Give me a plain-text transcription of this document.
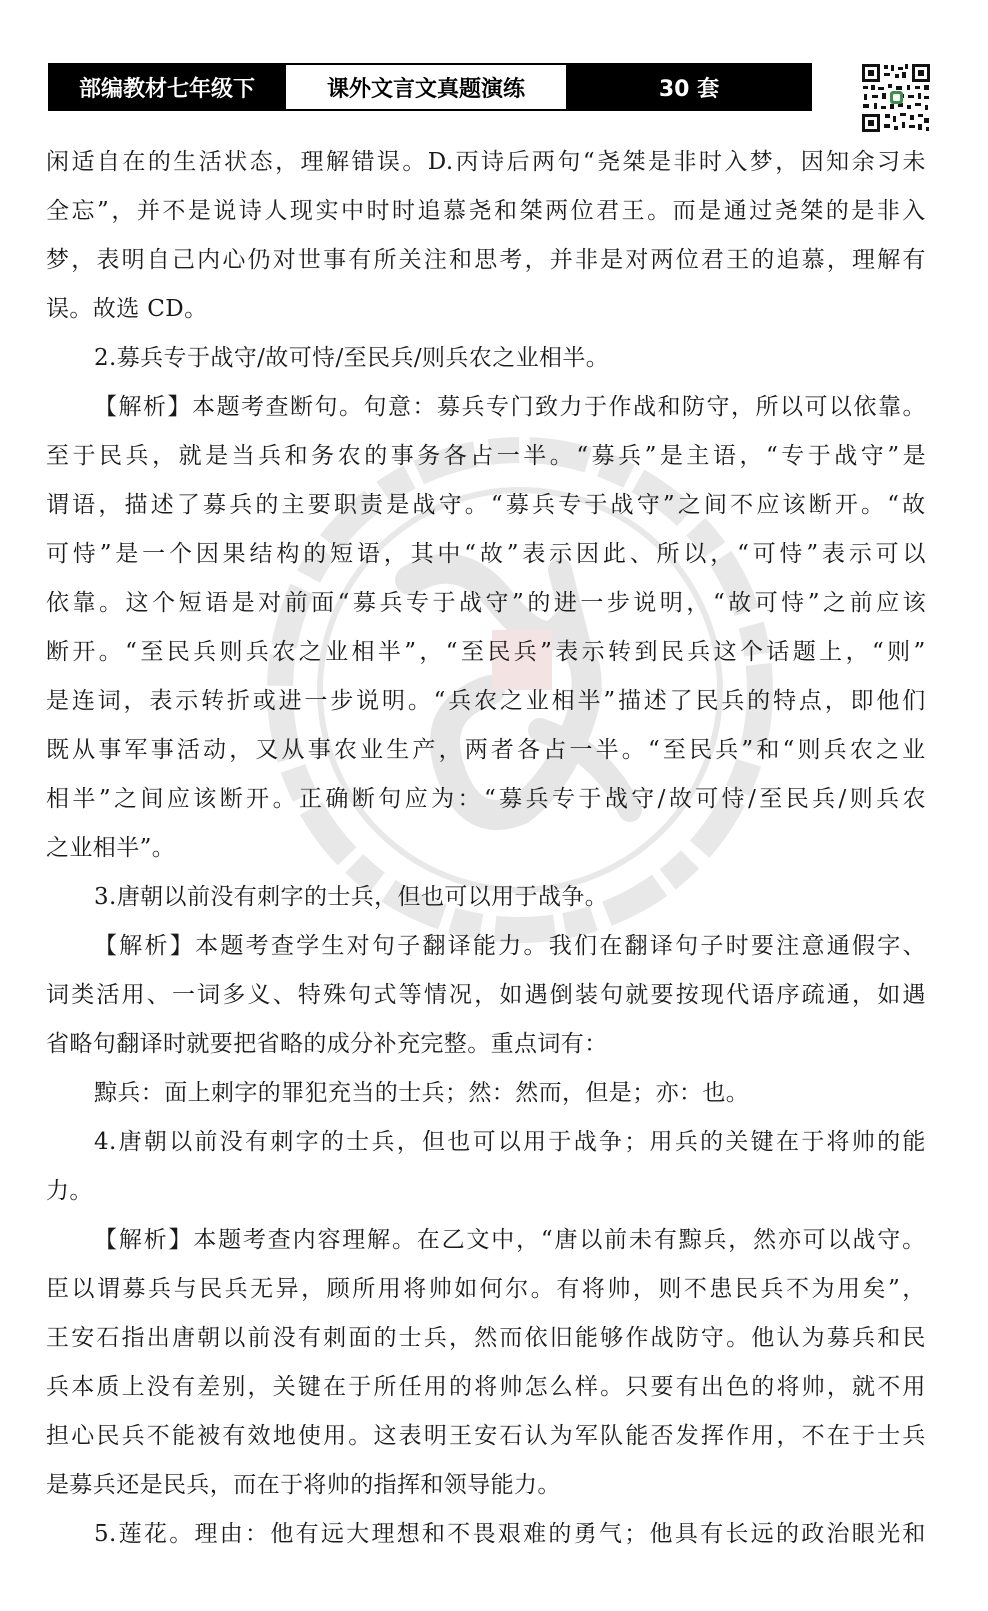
部编教材七年级下	课外文言文真题演练	30 套
闲 适 自 在 的 生 活 状 态 ， 理 解 错 误 。 D. 丙 诗 后 两 句 “ 尧 桀 是 非 时 入 梦 ， 因 知 余 习 未
全 忘 ” ， 并 不 是 说 诗 人 现 实 中 时 时 追 慕 尧 和 桀 两 位 君 王 。 而 是 通 过 尧 桀 的 是 非 入
梦 ， 表 明 自 己 内 心 仍 对 世 事 有 所 关 注 和 思 考 ， 并 非 是 对 两 位 君 王 的 追 慕 ， 理 解 有
误。故选 CD。
2.募兵专于战守/故可恃/至民兵/则兵农之业相半。
【 解 析 】 本 题 考 查 断 句 。 句 意 ： 募 兵 专 门 致 力 于 作 战 和 防 守 ， 所 以 可 以 依 靠 。
至 于 民 兵 ， 就 是 当 兵 和 务 农 的 事 务 各 占 一 半 。 “ 募 兵 ” 是 主 语 ， “ 专 于 战 守 ” 是
谓 语 ， 描 述 了 募 兵 的 主 要 职 责 是 战 守 。 “ 募 兵 专 于 战 守 ” 之 间 不 应 该 断 开 。 “ 故
可 恃 ” 是 一 个 因 果 结 构 的 短 语 ， 其 中 “ 故 ” 表 示 因 此 、 所 以 ， “ 可 恃 ” 表 示 可 以
依 靠 。 这 个 短 语 是 对 前 面 “ 募 兵 专 于 战 守 ” 的 进 一 步 说 明 ， “ 故 可 恃 ” 之 前 应 该
断 开 。 “ 至 民 兵 则 兵 农 之 业 相 半 ” ， “ 至 民 兵 ” 表 示 转 到 民 兵 这 个 话 题 上 ， “ 则 ”
是 连 词 ， 表 示 转 折 或 进 一 步 说 明 。 “ 兵 农 之 业 相 半 ” 描 述 了 民 兵 的 特 点 ， 即 他 们
既 从 事 军 事 活 动 ， 又 从 事 农 业 生 产 ， 两 者 各 占 一 半 。 “ 至 民 兵 ” 和 “ 则 兵 农 之 业
相 半 ” 之 间 应 该 断 开 。 正 确 断 句 应 为 ： “ 募 兵 专 于 战 守 / 故 可 恃 / 至 民 兵 / 则 兵 农
之业相半”。
3.唐朝以前没有刺字的士兵，但也可以用于战争。
【 解 析 】 本 题 考 查 学 生 对 句 子 翻 译 能 力 。 我 们 在 翻 译 句 子 时 要 注 意 通 假 字 、
词 类 活 用 、 一 词 多 义 、 特 殊 句 式 等 情 况 ， 如 遇 倒 装 句 就 要 按 现 代 语 序 疏 通 ， 如 遇
省略句翻译时就要把省略的成分补充完整。重点词有：
黥兵：面上刺字的罪犯充当的士兵；然：然而，但是；亦：也。
4. 唐 朝 以 前 没 有 刺 字 的 士 兵 ， 但 也 可 以 用 于 战 争 ； 用 兵 的 关 键 在 于 将 帅 的 能
力。
【 解 析 】 本 题 考 查 内 容 理 解 。 在 乙 文 中 ， “ 唐 以 前 未 有 黥 兵 ， 然 亦 可 以 战 守 。
臣 以 谓 募 兵 与 民 兵 无 异 ， 顾 所 用 将 帅 如 何 尔 。 有 将 帅 ， 则 不 患 民 兵 不 为 用 矣 ” ，
王 安 石 指 出 唐 朝 以 前 没 有 刺 面 的 士 兵 ， 然 而 依 旧 能 够 作 战 防 守 。 他 认 为 募 兵 和 民
兵 本 质 上 没 有 差 别 ， 关 键 在 于 所 任 用 的 将 帅 怎 么 样 。 只 要 有 出 色 的 将 帅 ， 就 不 用
担 心 民 兵 不 能 被 有 效 地 使 用 。 这 表 明 王 安 石 认 为 军 队 能 否 发 挥 作 用 ， 不 在 于 士 兵
是募兵还是民兵，而在于将帅的指挥和领导能力。
5. 莲 花 。 理 由 ： 他 有 远 大 理 想 和 不 畏 艰 难 的 勇 气 ； 他 具 有 长 远 的 政 治 眼 光 和
